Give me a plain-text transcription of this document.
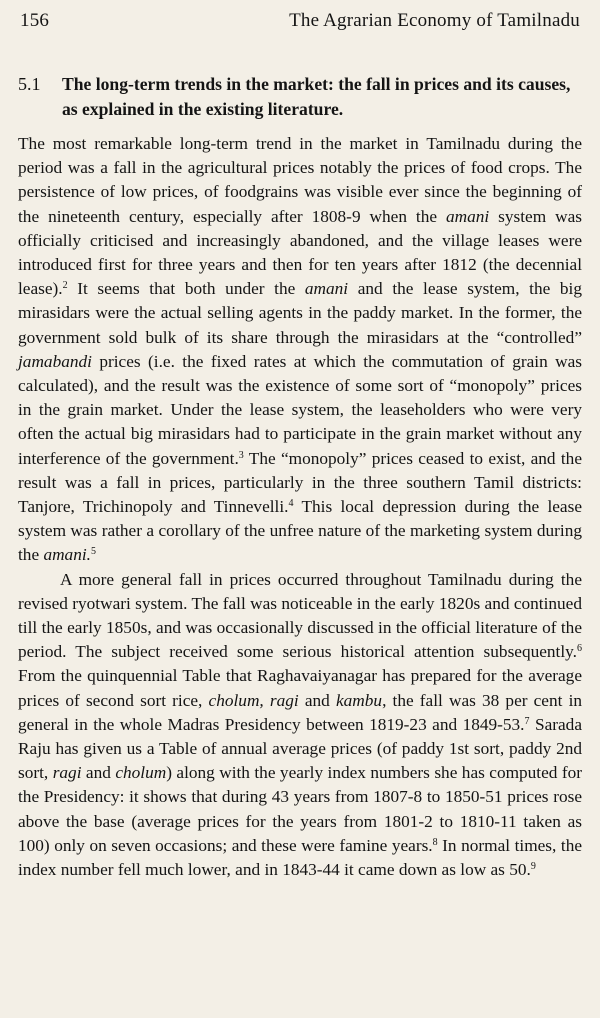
156	The Agrarian Economy of Tamilnadu
5.1	The long-term trends in the market: the fall in prices and its causes, as explained in the existing literature.

The most remarkable long-term trend in the market in Tamilnadu during the period was a fall in the agricultural prices notably the prices of food crops. The persistence of low prices, of foodgrains was visible ever since the beginning of the nineteenth century, especially after 1808-9 when the amani system was officially criticised and increasingly abandoned, and the village leases were introduced first for three years and then for ten years after 1812 (the decennial lease).$^2$ It seems that both under the amani and the lease system, the big mirasidars were the actual selling agents in the paddy market. In the former, the government sold bulk of its share through the mirasidars at the “controlled” jamabandi prices (i.e. the fixed rates at which the commutation of grain was calculated), and the result was the existence of some sort of “monopoly” prices in the grain market. Under the lease system, the leaseholders who were very often the actual big mirasidars had to participate in the grain market without any interference of the government.$^3$ The “monopoly” prices ceased to exist, and the result was a fall in prices, particularly in the three southern Tamil districts: Tanjore, Trichinopoly and Tinnevelli.$^4$ This local depression during the lease system was rather a corollary of the unfree nature of the marketing system during the amani.$^5$

A more general fall in prices occurred throughout Tamilnadu during the revised ryotwari system. The fall was noticeable in the early 1820s and continued till the early 1850s, and was occasionally discussed in the official literature of the period. The subject received some serious historical attention subsequently.$^6$ From the quinquennial Table that Raghavaiyanagar has prepared for the average prices of second sort rice, cholum, ragi and kambu, the fall was 38 per cent in general in the whole Madras Presidency between 1819-23 and 1849-53.$^7$ Sarada Raju has given us a Table of annual average prices (of paddy 1st sort, paddy 2nd sort, ragi and cholum) along with the yearly index numbers she has computed for the Presidency: it shows that during 43 years from 1807-8 to 1850-51 prices rose above the base (average prices for the years from 1801-2 to 1810-11 taken as 100) only on seven occasions; and these were famine years.$^8$ In normal times, the index number fell much lower, and in 1843-44 it came down as low as 50.$^9$
